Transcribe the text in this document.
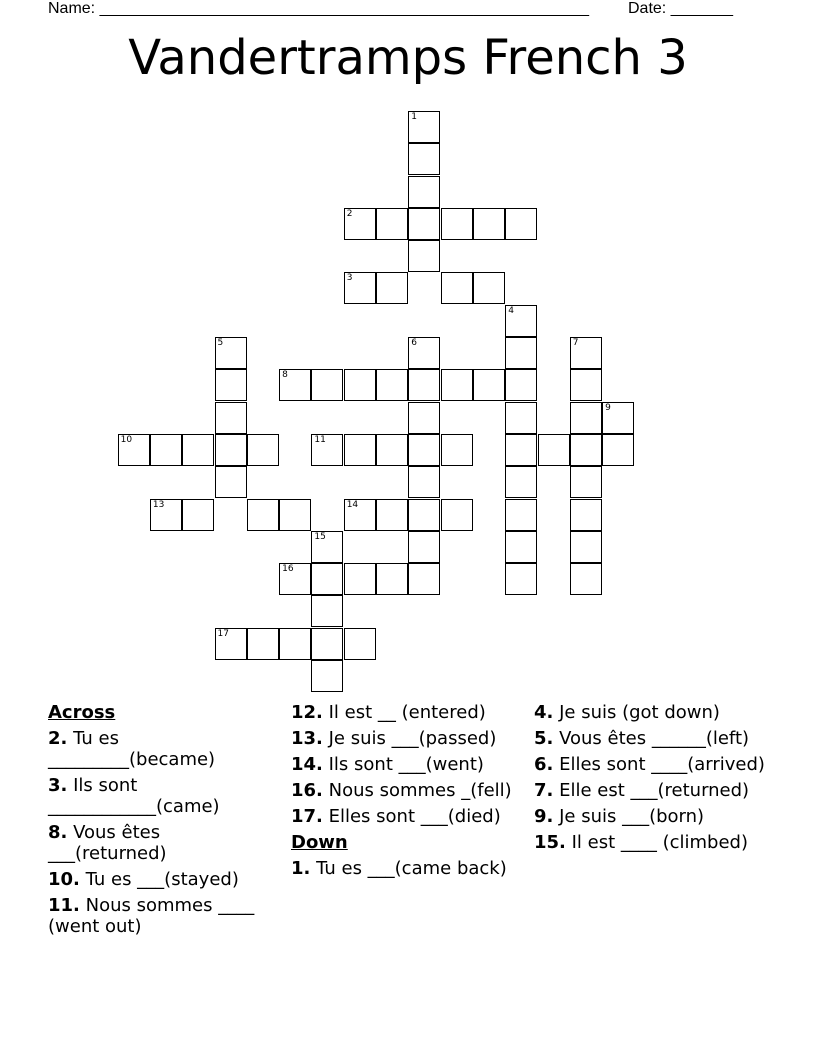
Name: _______________________________________________________ Date: _______
Vandertramps French 3
1
2
3
4
5	6	7
8
9
10	11
13	14
15
16
17
Across
2. Tu es _________(became)
3. Ils sont ____________(came)
8. Vous êtes ___(returned)
10. Tu es ___(stayed)
11. Nous sommes ____ (went out)
12. Il est __ (entered)
13. Je suis ___(passed)
14. Ils sont ___(went)
16. Nous sommes _(fell)
17. Elles sont ___(died)
Down
1. Tu es ___(came back)
4. Je suis (got down)
5. Vous êtes ______(left)
6. Elles sont ____(arrived)
7. Elle est ___(returned)
9. Je suis ___(born)
15. Il est ____ (climbed)
